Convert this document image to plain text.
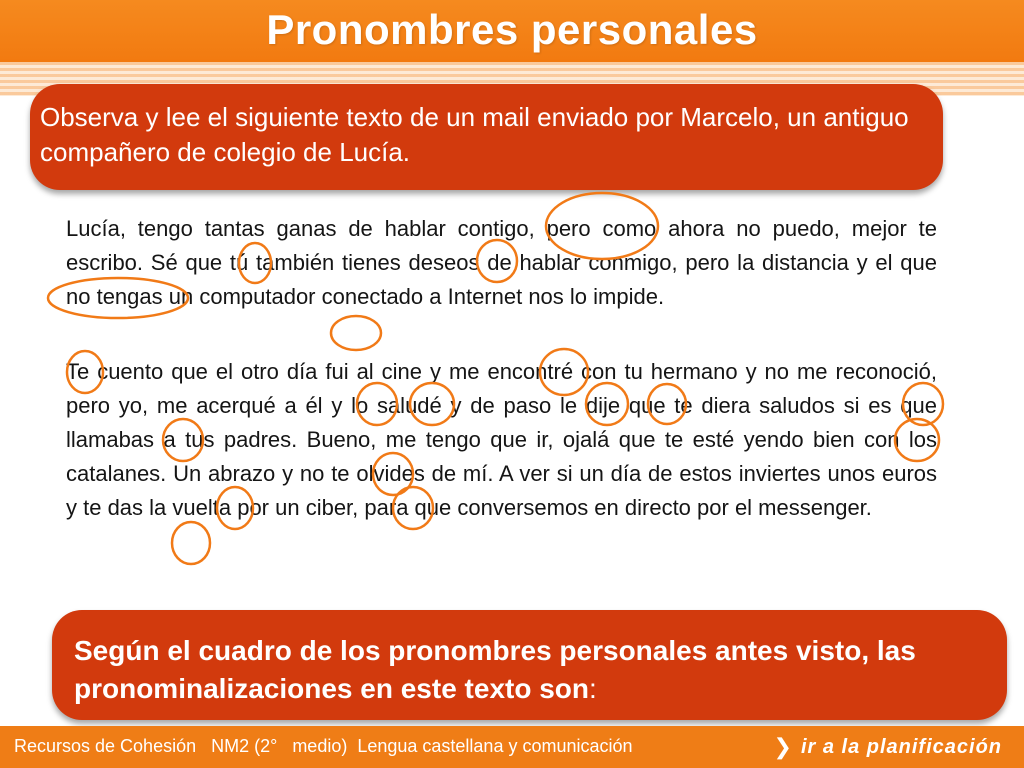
Pronombres personales
Observa y lee el siguiente texto de un mail enviado por Marcelo, un antiguo compañero de colegio de Lucía.
Lucía, tengo tantas ganas de hablar contigo, pero como ahora no puedo, mejor te escribo. Sé que tú también tienes deseos de hablar conmigo, pero la distancia y el que no tengas un computador conectado a Internet nos lo impide.
Te cuento que el otro día fui al cine y me encontré con tu hermano y no me reconoció, pero yo, me acerqué a él y lo saludé y de paso le dije que te diera saludos si es que llamabas a tus padres. Bueno, me tengo que ir, ojalá que te esté yendo bien con los catalanes. Un abrazo y no te olvides de mí. A ver si un día de estos inviertes unos euros y te das la vuelta por un ciber, para que conversemos en directo por el messenger.
Según el cuadro de los pronombres personales antes visto, las pronominalizaciones en este texto son:
Recursos de Cohesión   NM2 (2°   medio)  Lengua castellana y comunicación	❯ ir a la planificación
